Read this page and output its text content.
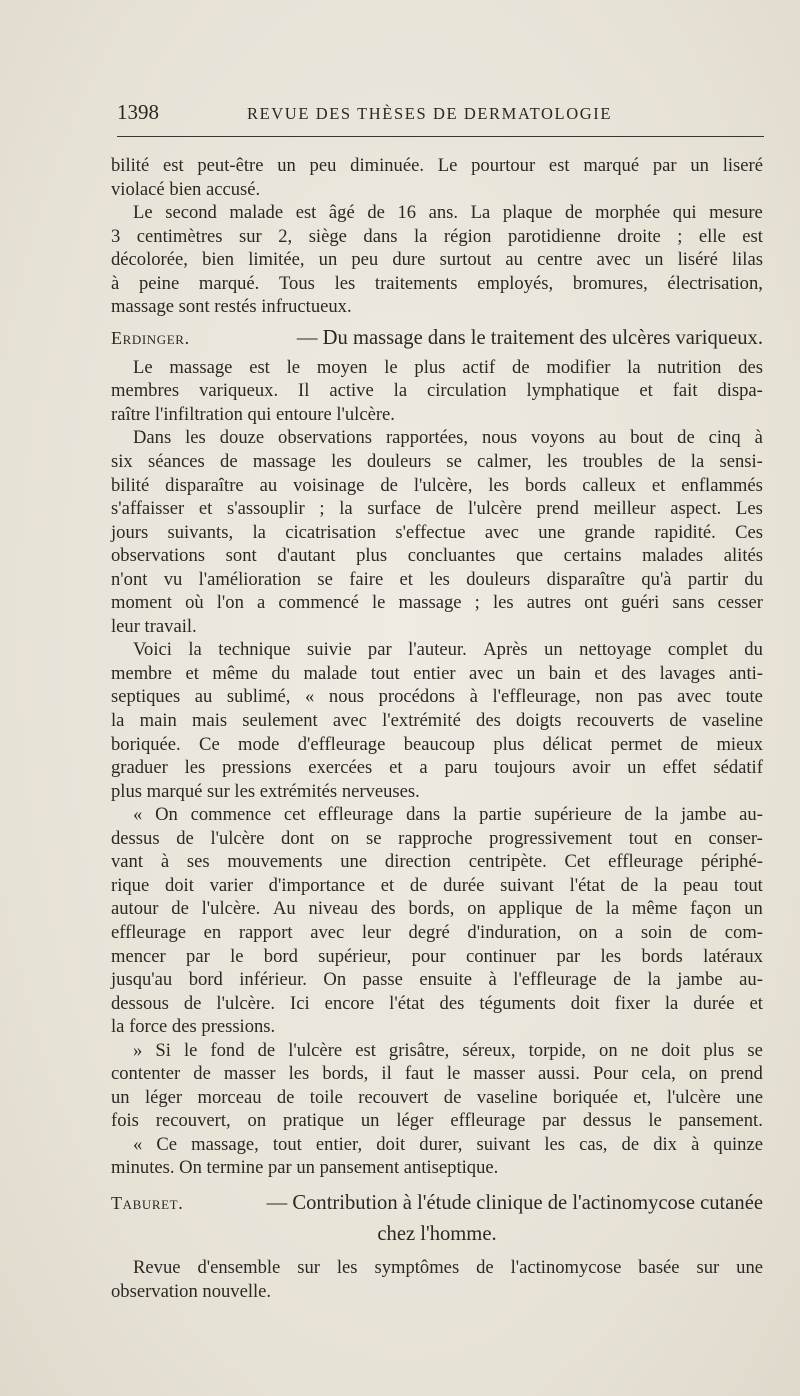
1398	REVUE DES THÈSES DE DERMATOLOGIE
bilité est peut-être un peu diminuée. Le pourtour est marqué par un liseré
violacé bien accusé.
Le second malade est âgé de 16 ans. La plaque de morphée qui mesure
3 centimètres sur 2, siège dans la région parotidienne droite ; elle est
décolorée, bien limitée, un peu dure surtout au centre avec un liséré lilas
à peine marqué. Tous les traitements employés, bromures, électrisation,
massage sont restés infructueux.
Erdinger.	— Du massage dans le traitement des ulcères variqueux.
Le massage est le moyen le plus actif de modifier la nutrition des
membres variqueux. Il active la circulation lymphatique et fait dispa-
raître l'infiltration qui entoure l'ulcère.
Dans les douze observations rapportées, nous voyons au bout de cinq à
six séances de massage les douleurs se calmer, les troubles de la sensi-
bilité disparaître au voisinage de l'ulcère, les bords calleux et enflammés
s'affaisser et s'assouplir ; la surface de l'ulcère prend meilleur aspect. Les
jours suivants, la cicatrisation s'effectue avec une grande rapidité. Ces
observations sont d'autant plus concluantes que certains malades alités
n'ont vu l'amélioration se faire et les douleurs disparaître qu'à partir du
moment où l'on a commencé le massage ; les autres ont guéri sans cesser
leur travail.
Voici la technique suivie par l'auteur. Après un nettoyage complet du
membre et même du malade tout entier avec un bain et des lavages anti-
septiques au sublimé, « nous procédons à l'effleurage, non pas avec toute
la main mais seulement avec l'extrémité des doigts recouverts de vaseline
boriquée. Ce mode d'effleurage beaucoup plus délicat permet de mieux
graduer les pressions exercées et a paru toujours avoir un effet sédatif
plus marqué sur les extrémités nerveuses.
« On commence cet effleurage dans la partie supérieure de la jambe au-
dessus de l'ulcère dont on se rapproche progressivement tout en conser-
vant à ses mouvements une direction centripète. Cet effleurage périphé-
rique doit varier d'importance et de durée suivant l'état de la peau tout
autour de l'ulcère. Au niveau des bords, on applique de la même façon un
effleurage en rapport avec leur degré d'induration, on a soin de com-
mencer par le bord supérieur, pour continuer par les bords latéraux
jusqu'au bord inférieur. On passe ensuite à l'effleurage de la jambe au-
dessous de l'ulcère. Ici encore l'état des téguments doit fixer la durée et
la force des pressions.
» Si le fond de l'ulcère est grisâtre, séreux, torpide, on ne doit plus se
contenter de masser les bords, il faut le masser aussi. Pour cela, on prend
un léger morceau de toile recouvert de vaseline boriquée et, l'ulcère une
fois recouvert, on pratique un léger effleurage par dessus le pansement.
« Ce massage, tout entier, doit durer, suivant les cas, de dix à quinze
minutes. On termine par un pansement antiseptique.
Taburet.	— Contribution à l'étude clinique de l'actinomycose cutanée
chez l'homme.
Revue d'ensemble sur les symptômes de l'actinomycose basée sur une
observation nouvelle.
